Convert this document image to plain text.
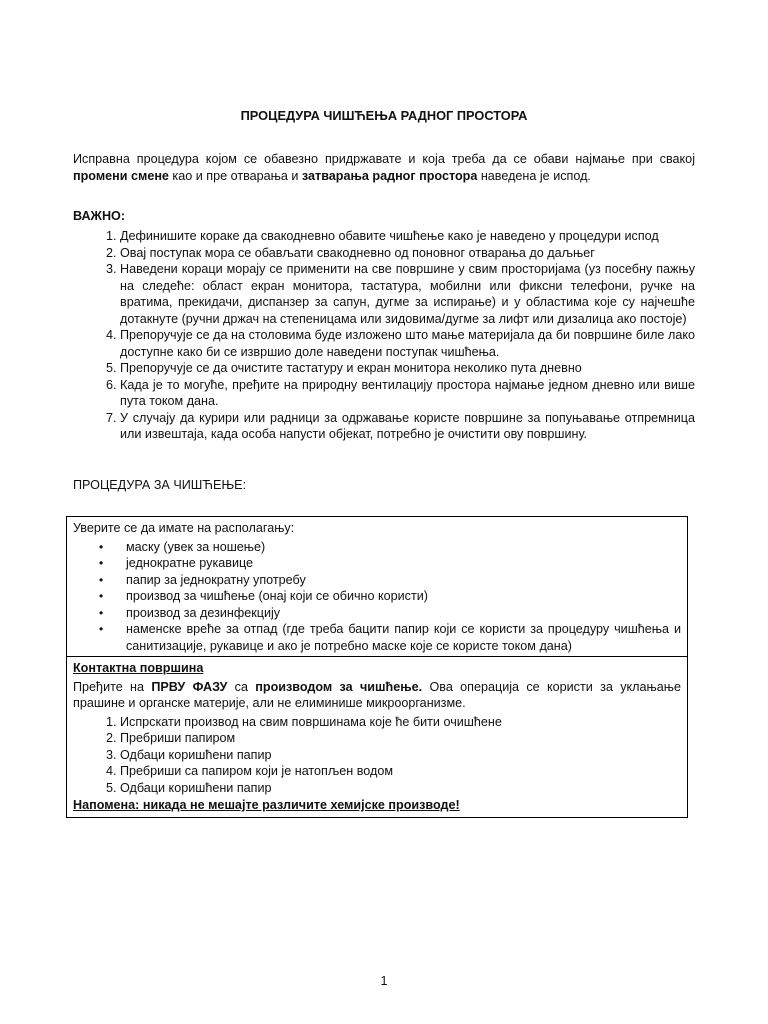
ПРОЦЕДУРА ЧИШЋЕЊА РАДНОГ ПРОСТОРА
Исправна процедура којом се обавезно придржавате и која треба да се обави најмање при свакој промени смене као и пре отварања и затварања радног простора наведена је испод.
ВАЖНО:
1. Дефинишите кораке да свакодневно обавите чишћење како је наведено у процедури испод
2. Овај поступак мора се обављати свакодневно од поновног отварања до даљњег
3. Наведени кораци морају се применити на све површине у свим просторијама (уз посебну пажњу на следеће: област екран монитора, тастатура, мобилни или фиксни телефони, ручке на вратима, прекидачи, диспанзер за сапун, дугме за испирање) и у областима које су најчешће дотакнуте (ручни држач на степеницама или зидовима/дугме за лифт или дизалица ако постоје)
4. Препоручује се да на столовима буде изложено што мање материјала да би површине биле лако доступне како би се извршио доле наведени поступак чишћења.
5. Препоручује се да очистите тастатуру и екран монитора неколико пута дневно
6. Када је то могуће, пређите на природну вентилацију простора најмање једном дневно или више пута током дана.
7. У случају да курири или радници за одржавање користе површине за попуњавање отпремница или извештаја, када особа напусти објекат, потребно је очистити ову површину.
ПРОЦЕДУРА ЗА ЧИШЋЕЊЕ:
Уверите се да имате на располагању:
• маску (увек за ношење)
• једнократне рукавице
• папир за једнократну употребу
• производ за чишћење (онај који се обично користи)
• производ за дезинфекцију
• наменске вреће за отпад (где треба бацити папир који се користи за процедуру чишћења и санитизације, рукавице и ако је потребно маске које се користе током дана)
Контактна површина
Пређите на ПРВУ ФАЗУ са производом за чишћење. Ова операција се користи за уклањање прашине и органске материје, али не елиминише микроорганизме.
1. Испрскати производ на свим површинама које ће бити очишћене
2. Пребриши папиром
3. Одбаци коришћени папир
4. Пребриши са папиром који је натопљен водом
5. Одбаци коришћени папир
Напомена: никада не мешајте различите хемијске производе!
1
